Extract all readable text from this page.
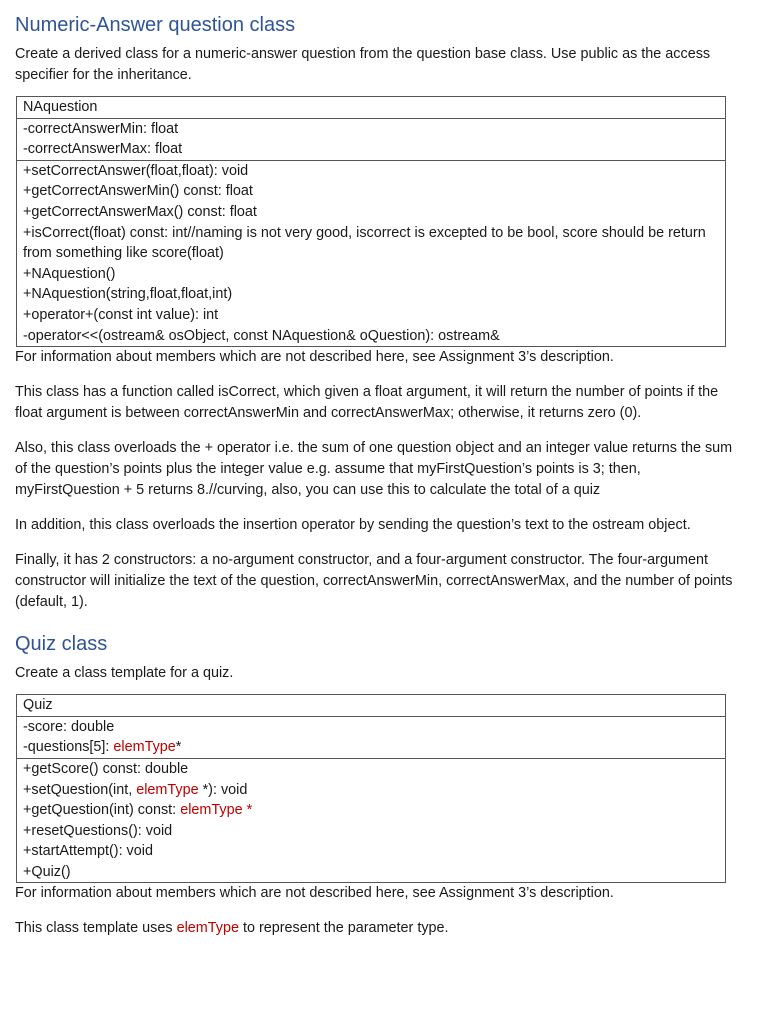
Numeric-Answer question class

Create a derived class for a numeric-answer question from the question base class. Use public as the access specifier for the inheritance.

NAquestion
-correctAnswerMin: float
-correctAnswerMax: float
+setCorrectAnswer(float,float): void
+getCorrectAnswerMin() const: float
+getCorrectAnswerMax() const: float
+isCorrect(float) const: int//naming is not very good, iscorrect is excepted to be bool, score should be return from something like score(float)
+NAquestion()
+NAquestion(string,float,float,int)
+operator+(const int value): int
-operator<<(ostream& osObject, const NAquestion& oQuestion): ostream&

For information about members which are not described here, see Assignment 3’s description.

This class has a function called isCorrect, which given a float argument, it will return the number of points if the float argument is between correctAnswerMin and correctAnswerMax; otherwise, it returns zero (0).

Also, this class overloads the + operator i.e. the sum of one question object and an integer value returns the sum of the question’s points plus the integer value e.g. assume that myFirstQuestion’s points is 3; then, myFirstQuestion + 5 returns 8.//curving, also, you can use this to calculate the total of a quiz

In addition, this class overloads the insertion operator by sending the question’s text to the ostream object.

Finally, it has 2 constructors: a no-argument constructor, and a four-argument constructor. The four-argument constructor will initialize the text of the question, correctAnswerMin, correctAnswerMax, and the number of points (default, 1).

Quiz class

Create a class template for a quiz.

Quiz
-score: double
-questions[5]: elemType*
+getScore() const: double
+setQuestion(int, elemType *): void
+getQuestion(int) const: elemType *
+resetQuestions(): void
+startAttempt(): void
+Quiz()

For information about members which are not described here, see Assignment 3’s description.

This class template uses elemType to represent the parameter type.
